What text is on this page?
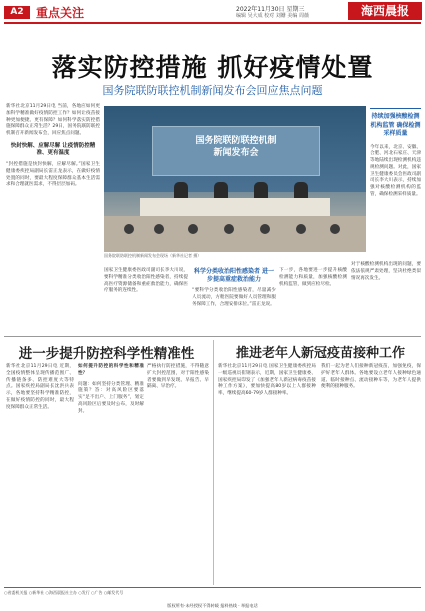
A2	重点关注	2022年11月30日 星期三
编辑 吴大成 校对 刘姗 美编 周薇	海西晨报
落实防控措施 抓好疫情处置
国务院联防联控机制新闻发布会回应焦点问题
新华社北京11月29日电 当前，各地应如何更加科学精准做好疫情防控工作？如何让疫苗接种更加便捷、更有保障？如何科学落实防控措施保障群众正常生活？29日，国务院联防联控机制召开新闻发布会，回应焦点问题。
快封快解、应解尽解 让疫情防控精准、更有温度
“封控措施是快封快解，应解尽解。”国家卫生健康委疾控局副局长雷正龙表示，在做好疫情处置的同时，要最大程度保障群众基本生活需求和合理就医需求，不得层层加码。
国务院联防联控机制
新闻发布会
国务院联防联控机制新闻发布会现场（新华社记者 摄）
持续加强核酸检测机构监管 确保检测采样质量
今年以来，北京、安徽、合肥、河北石家庄、天津等地陆续出现检测机构违规检测问题。对此，国家卫生健康委员会医政司副司长李大川表示，持续加强对核酸检测机构的监管，确保检测采样质量。
国家卫生健康委医政司副司长李大川说，要科学精准分类收治阳性感染者，持续提高医疗资源储备和重症救治能力，确保医疗服务的连续性。
科学分类收治阳性感染者 进一步提高重症救治能力
“要科学分类收治阳性感染者，尽量减少人员流动，方舱医院要做好人员管理和服务保障工作，合理安排床位。”雷正龙说。
下一步，各地要进一步提升核酸检测能力和质量，加强核酸检测机构监管，做到应检尽检。
对于核酸检测机构出现的问题，要依法依规严肃处理，坚决杜绝类似情况再次发生。
进一步提升防控科学性精准性	推进老年人新冠疫苗接种工作
新华社北京11月29日电 近期，全国疫情整体呈现传播范围广、传播链条多、防控难度大等特点。国家疾控局副局长沈洪兵表示，各地要坚持科学精准防控，在做好疫情防控的同时，最大程度保障群众正常生活。
如何提升防控的科学性和精准性？
问题：如何坚持分类管理、精准施策？答：对高风险区要落实“足不出户、上门服务”，划定高风险区后要及时公布，及时解封。
严格执行防控措施，不得随意扩大封控范围，对于阳性感染者要做到早发现、早报告、早隔离、早治疗。
新华社北京11月29日电 国家卫生健康委疾控局一级巡视员崔钢表示，近期，国家卫生健康委、国家疾控局印发了《加强老年人新冠病毒疫苗接种工作方案》，要加快提高80岁以上人群接种率，继续提高60-79岁人群接种率。
我们一起为老人们接种新冠疫苗，加强免疫，保护好老年人群体。各地要设立老年人接种绿色通道、临时接种点、流动接种车等，为老年人提供便利的接种服务。
○省委机关报 ○新华社 ○海西晨报社主办 ○发行 ○广告 ○邮发代号
版权所有·未经授权不得转载 报料热线 · 举报电话
